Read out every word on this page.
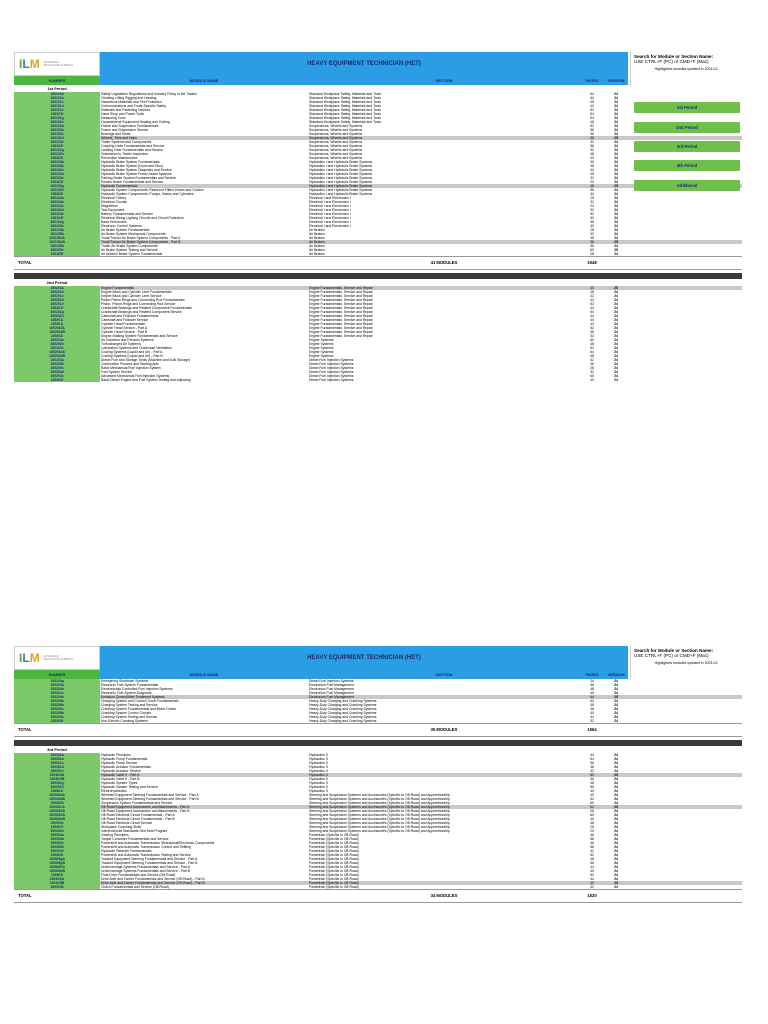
ILM ADVANCED EDUCATION ALBERTA	HEAVY EQUIPMENT TECHNICIAN (HET)
Search for Module or Section Name:
USE CTRL+F (PC) or CMD+F (Mac)
Highlighted modules updated in 2023-02.
NUMBER	MODULE NAME	SECTION	PAGES	VERSION
1st Period
150101a	Safety Legislation Regulations and Industry Policy in the Trades	Standard Workplace Safety, Materials and Tools	64	24
150101b	Climbing Lifting Rigging and Hoisting	Standard Workplace Safety, Materials and Tools	64	24
150101c	Hazardous Materials and Fire Protection	Standard Workplace Safety, Materials and Tools	48	24
150101d	Communications and Trade-Specific Safety	Standard Workplace Safety, Materials and Tools	40	24
150101e	Materials and Fastening Devices	Standard Workplace Safety, Materials and Tools	52	24
150101f	Hand Shop and Power Tools	Standard Workplace Safety, Materials and Tools	64	24
150101g	Measuring Tools	Standard Workplace Safety, Materials and Tools	64	24
150101h	Oxyacetylene Equipment Heating and Cutting	Standard Workplace Safety, Materials and Tools	48	24
150102a	Frame and Suspension Fundamentals	Suspensions, Wheels and Systems	52	24
150102b	Frame and Suspension Service	Suspensions, Wheels and Systems	56	24
150102c	Bearings and Seals	Suspensions, Wheels and Systems	36	24
150102d	Wheels, Tires and Hubs	Suspensions, Wheels and Systems	68	25
150102e	Trailer Systems and Components	Suspensions, Wheels and Systems	32	24
150102f	Coupling Units Fundamentals and Service	Suspensions, Wheels and Systems	56	24
150102g	Landing Gear Fundamentals and Service	Suspensions, Wheels and Systems	32	24
150102h	Orientation to Trailer Inspection	Suspensions, Wheels and Systems	48	24
150102i	Preventive Maintenance	Suspensions, Wheels and Systems	40	24
150103a	Hydraulic Brake System Fundamentals	Hydraulics I and Hydraulic Brake Systems	36	24
150103b	Hydraulic Brake System (Drum and Disc)	Hydraulics I and Hydraulic Brake Systems	48	24
150103c	Hydraulic Brake System Diagnosis and Service	Hydraulics I and Hydraulic Brake Systems	44	24
150103d	Hydraulic Brake System Power Assist Systems	Hydraulics I and Hydraulic Brake Systems	48	24
150103e	Parking Brake System Fundamentals and Service	Hydraulics I and Hydraulic Brake Systems	32	24
150103f	Electric Brake Fundamentals and Service	Hydraulics I and Hydraulic Brake Systems	20	24
150103g	Hydraulic Fundamentals	Hydraulics I and Hydraulic Brake Systems	48	25
150103h	Hydraulic System Components: Reservoir Filters Hoses and Coolers	Hydraulics I and Hydraulic Brake Systems	56	24
150103i	Hydraulic System Components: Pumps, Valves and Cylinders	Hydraulics I and Hydraulic Brake Systems	44	24
150104a	Electrical Theory	Electrical I and Electronics I	28	24
150104b	Electrical Circuits	Electrical I and Electronics I	32	24
150104c	Magnetism	Electrical I and Electronics I	24	24
150104d	Test Equipment	Electrical I and Electronics I	32	24
150104e	Battery Fundamentals and Service	Electrical I and Electronics I	52	24
150104f	Electrical Wiring Lighting Circuits and Circuit Protection	Electrical I and Electronics I	60	24
150104g	Basic Electronics	Electrical I and Electronics I	36	24
150104h	Electronic Control Systems	Electrical I and Electronics I	40	24
150105a	Air Brake System Fundamentals	Air Brakes	28	24
150105b	Air Brake System Mechanical Components	Air Brakes	32	24
150105cA	Truck/Tractor Air Brake System Components - Part A	Air Brakes	48	24
150105cB	Truck/Tractor Air Brake System Components - Part B	Air Brakes	36	25
150105d	Trailer Air Brake System Components	Air Brakes	56	24
150105e	Air Brake System Testing and Service	Air Brakes	60	25
150105f	Air Antilock Brake System Fundamentals	Air Brakes	28	24
TOTAL	41 MODULES	1948
2nd Period
150201a	Engine Fundamentals	Engine Fundamentals, Service and Repair	40	25
150201b	Engine Block and Cylinder Liner Fundamentals	Engine Fundamentals, Service and Repair	28	24
150201c	Engine Block and Cylinder Liner Service	Engine Fundamentals, Service and Repair	32	24
150201d	Piston Piston Rings and Connecting Rod Fundamentals	Engine Fundamentals, Service and Repair	44	24
150201e	Piston, Piston Rings and Connecting Rod Service	Engine Fundamentals, Service and Repair	52	24
150201f	Crankshaft Bearings and Related Component Fundamentals	Engine Fundamentals, Service and Repair	44	24
150201g	Crankshaft Bearings and Related Component Service	Engine Fundamentals, Service and Repair	60	24
150201h	Camshaft and Follower Fundamentals	Engine Fundamentals, Service and Repair	44	24
150201i	Camshaft and Follower Service	Engine Fundamentals, Service and Repair	40	24
150201j	Cylinder Head Fundamentals	Engine Fundamentals, Service and Repair	44	24
150201kA	Cylinder Head Service - Part A	Engine Fundamentals, Service and Repair	52	24
150201kB	Cylinder Head Service - Part B	Engine Fundamentals, Service and Repair	36	24
150201l	Engine Braking System Fundamentals and Service	Engine Fundamentals, Service and Repair	32	24
150202a	Air Induction and Exhaust Systems	Engine Systems	60	24
150202b	Turbocharged Air Systems	Engine Systems	48	24
150202c	Lubrication Systems and Crankcase Ventilation	Engine Systems	52	24
150202dA	Cooling Systems (Liquid and Air) - Part A	Engine Systems	64	24
150202dB	Cooling Systems (Liquid and Air) - Part B	Engine Systems	48	24
150203a	Diesel Fuel and Storage Tanks (Machine and Bulk Storage)	Diesel Fuel Injection Systems	32	24
150203b	Combustion Process and Starting Aids	Diesel Fuel Injection Systems	36	24
150203c	Basic Mechanical Fuel Injection System	Diesel Fuel Injection Systems	28	24
150203d	Fuel System Service	Diesel Fuel Injection Systems	32	24
150203e	Advanced Mechanical Fuel Injection Systems	Diesel Fuel Injection Systems	60	24
150203f	Basic Diesel Engine and Fuel System Testing and Adjusting	Diesel Fuel Injection Systems	40	24
1st Period
2nd Period
3rd Period
4th Period
Additional
ILM ADVANCED EDUCATION ALBERTA	HEAVY EQUIPMENT TECHNICIAN (HET)
Search for Module or Section Name:
USE CTRL+F (PC) or CMD+F (Mac)
Highlighted modules updated in 2023-02.
NUMBER	MODULE NAME	SECTION	PAGES	VERSION
150203g	Emergency Shutdown Systems	Diesel Fuel Injection Systems	24	24
150204a	Electronic Fuel System Fundamentals	Electronics Fuel Management	56	24
150204b	Electronically Controlled Fuel Injection Systems	Electronics Fuel Management	48	24
150204c	Electronic Fuel System Diagnosis	Electronics Fuel Management	40	24
150204d	Emission Control/After Treatment Systems	Electronics Fuel Management	64	25
150205a	Charging System and Control Circuit Fundamentals	Heavy-Duty Charging and Cranking Systems	60	24
150205b	Charging System Testing and Service	Heavy-Duty Charging and Cranking Systems	48	24
150205c	Cranking System Fundamentals and Motor Drives	Heavy-Duty Charging and Cranking Systems	36	24
150205d	Cranking System Control Circuits	Heavy-Duty Charging and Cranking Systems	40	24
150205e	Cranking System Testing and Service	Heavy-Duty Charging and Cranking Systems	44	24
150205f	Non-Electric Cranking Systems	Heavy-Duty Charging and Cranking Systems	32	24
TOTAL	35 MODULES	1564
3rd Period
150301a	Hydraulic Principles	Hydraulics II	44	24
150301b	Hydraulic Pump Fundamentals	Hydraulics II	64	24
150301c	Hydraulic Pump Service	Hydraulics II	56	24
150301d	Hydraulic Actuator Fundamentals	Hydraulics II	36	24
150301e	Hydraulic Actuator Service	Hydraulics II	32	24
150301fA	Hydraulic Valve II - Part A	Hydraulics II	60	25
150301fB	Hydraulic Valve II - Part B	Hydraulics II	36	24
150301g	Hydraulic System Types	Hydraulics II	48	24
150301h	Hydraulic System Testing and Service	Hydraulics II	60	24
150301i	Electrohydraulics	Hydraulics II	40	24
150302aA	Wheeled Equipment Steering Fundamentals and Service - Part A	Steering and Suspension Systems and Accessories (Specific to Off-Road) and Apprenticeship	40	24
150302aB	Wheeled Equipment Steering Fundamentals and Service - Part B	Steering and Suspension Systems and Accessories (Specific to Off-Road) and Apprenticeship	32	24
150302b	Suspension System Fundamentals and Service	Steering and Suspension Systems and Accessories (Specific to Off-Road) and Apprenticeship	60	24
150302cA	Off-Road Equipment Accessories and Attachments - Part A	Steering and Suspension Systems and Accessories (Specific to Off-Road) and Apprenticeship	52	25
150302cB	Off-Road Equipment Accessories and Attachments - Part B	Steering and Suspension Systems and Accessories (Specific to Off-Road) and Apprenticeship	28	24
150302dA	Off-Road Electrical Circuit Fundamentals - Part A	Steering and Suspension Systems and Accessories (Specific to Off-Road) and Apprenticeship	60	24
150302dB	Off-Road Electrical Circuit Fundamentals - Part B	Steering and Suspension Systems and Accessories (Specific to Off-Road) and Apprenticeship	40	24
150302e	Off-Road Electrical Circuit Service	Steering and Suspension Systems and Accessories (Specific to Off-Road) and Apprenticeship	48	24
150302f	Workplace Coaching Skills	Steering and Suspension Systems and Accessories (Specific to Off-Road) and Apprenticeship	28	24
150302h	Interprovincial Standards Red Seal Program	Steering and Suspension Systems and Accessories (Specific to Off-Road) and Apprenticeship	20	24
150303a	Gearing Principles	Powertrain (Specific to Off-Road)	36	24
150303b	Torque Converter Fundamentals and Service	Powertrain (Specific to Off-Road)	56	24
150303c	Powershift and Automatic Transmission Mechanical/Electronic Components	Powertrain (Specific to Off-Road)	36	24
150303d	Powershift and Automatic Transmission Control and Shifting	Powertrain (Specific to Off-Road)	56	24
150303e	Hydraulic Retarder Fundamentals	Powertrain (Specific to Off-Road)	32	24
150303f	Powershift and Automatic Transmission Testing and Service	Powertrain (Specific to Off-Road)	52	24
150303gA	Tracked Equipment Steering Fundamentals and Service - Part A	Powertrain (Specific to Off-Road)	48	24
150303gB	Tracked Equipment Steering Fundamentals and Service - Part B	Powertrain (Specific to Off-Road)	36	24
150303hA	Undercarriage Systems Fundamentals and Service - Part A	Powertrain (Specific to Off-Road)	44	24
150303hB	Undercarriage Systems Fundamentals and Service - Part B	Powertrain (Specific to Off-Road)	40	24
150303i	Final Drive Fundamentals and Service (Off-Road)	Powertrain (Specific to Off-Road)	52	24
150303jA	Drive Axle and Carrier Fundamentals and Service (Off-Road) - Part A	Powertrain (Specific to Off-Road)	44	24
150303jB	Drive Axle and Carrier Fundamentals and Service (Off-Road) - Part B	Powertrain (Specific to Off-Road)	40	25
150303k	Clutch Fundamentals and Service (Off-Road)	Powertrain (Specific to Off-Road)	32	24
TOTAL	34 MODULES	1520
